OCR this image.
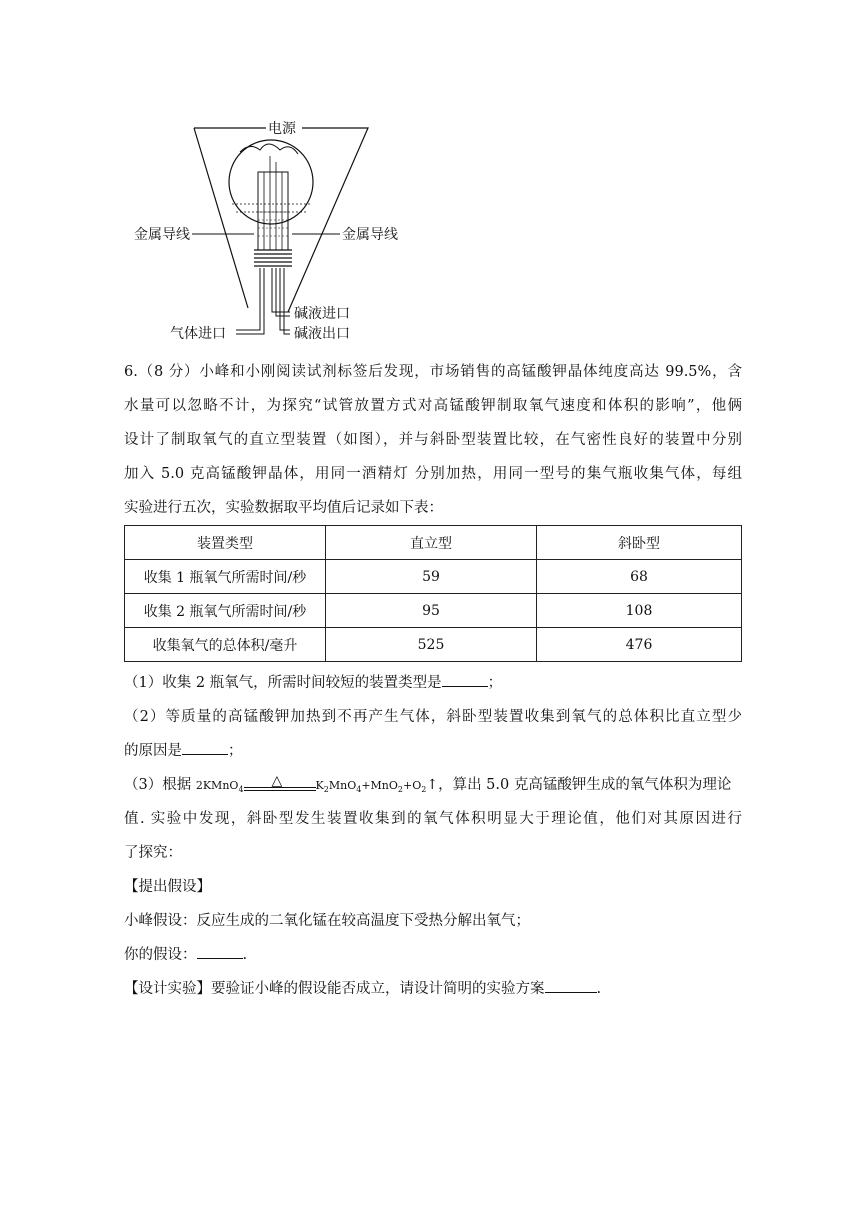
电源
金属导线	金属导线
碱液进口
气体进口	碱液出口
6.（8 分）小峰和小刚阅读试剂标签后发现，市场销售的高锰酸钾晶体纯度高达 99.5%，含
水量可以忽略不计，为探究“试管放置方式对高锰酸钾制取氧气速度和体积的影响”，他俩
设计了制取氧气的直立型装置（如图），并与斜卧型装置比较，在气密性良好的装置中分别
加入 5.0 克高锰酸钾晶体，用同一酒精灯 分别加热，用同一型号的集气瓶收集气体，每组
实验进行五次，实验数据取平均值后记录如下表：
装置类型	直立型	斜卧型
收集 1 瓶氧气所需时间/秒	59	68
收集 2 瓶氧气所需时间/秒	95	108
收集氧气的总体积/毫升	525	476
（1）收集 2 瓶氧气，所需时间较短的装置类型是	；
（2）等质量的高锰酸钾加热到不再产生气体，斜卧型装置收集到氧气的总体积比直立型少
的原因是	；
（3）根据 2KMnO$_4$
△	$K_2MnO_4+MnO_2+O_2↑$，算出 5.0 克高锰酸钾生成的氧气体积为理论
值. 实验中发现，斜卧型发生装置收集到的氧气体积明显大于理论值，他们对其原因进行
了探究：
【提出假设】
小峰假设：反应生成的二氧化锰在较高温度下受热分解出氧气；
你的假设：	.
【设计实验】要验证小峰的假设能否成立，请设计简明的实验方案	.
